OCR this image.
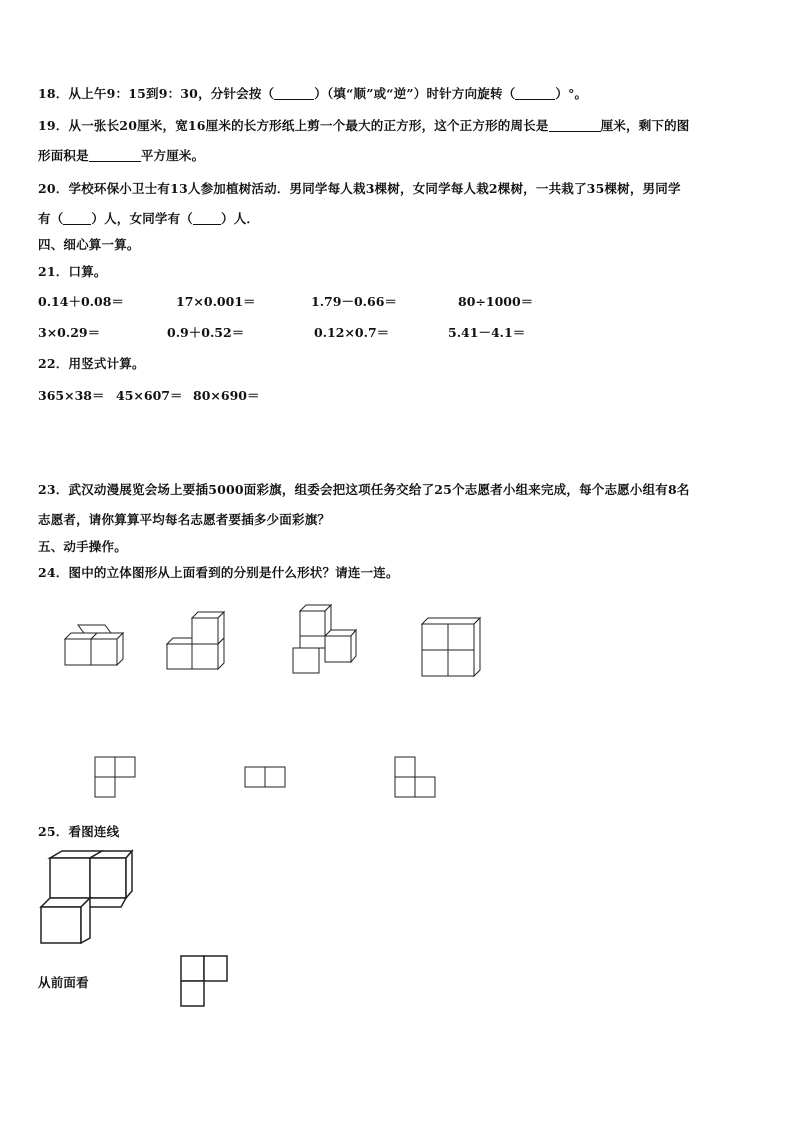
18．从上午9：15到9：30，分针会按（	）（填“顺”或“逆”）时针方向旋转（	）°。
19．从一张长20厘米，宽16厘米的长方形纸上剪一个最大的正方形，这个正方形的周长是	厘米，剩下的图
形面积是	平方厘米。
20．学校环保小卫士有13人参加植树活动．男同学每人栽3棵树，女同学每人栽2棵树，一共栽了35棵树，男同学
有（ ）人，女同学有（ ）人．
四、细心算一算。
21．口算。
0.14＋0.08＝	17×0.001＝	1.79－0.66＝	80÷1000＝
3×0.29＝	0.9＋0.52＝	0.12×0.7＝	5.41－4.1＝
22．用竖式计算。
365×38＝ 45×607＝ 80×690＝
23．武汉动漫展览会场上要插5000面彩旗，组委会把这项任务交给了25个志愿者小组来完成，每个志愿小组有8名
志愿者，请你算算平均每名志愿者要插多少面彩旗？
五、动手操作。
24．图中的立体图形从上面看到的分别是什么形状？请连一连。
25．看图连线
从前面看
